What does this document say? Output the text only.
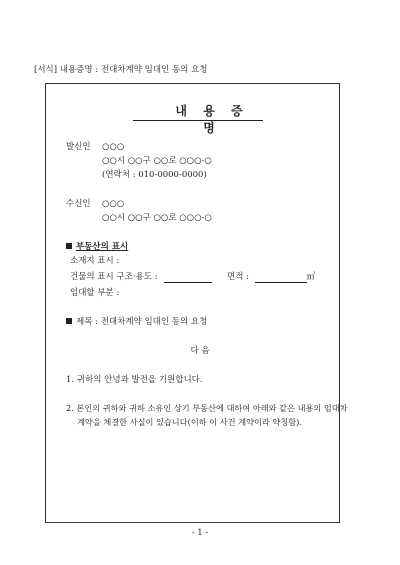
[서식] 내용증명 : 전대차계약 임대인 동의 요청
내 용 증 명
발신인 ○○○
○○시 ○○구 ○○로 ○○○-○
(연락처 : 010-0000-0000)
수신인 ○○○
○○시 ○○구 ○○로 ○○○-○
부동산의 표시
소재지 표시 :
건물의 표시 구조·용도 :	면적 :	㎡
임대할 부분 :
제목 : 전대차계약 임대인 동의 요청
다 음
1. 귀하의 안녕과 발전을 기원합니다.
2. 본인의 귀하와 귀하 소유인 상기 부동산에 대하여 아래와 같은 내용의 임대차
계약을 체결한 사실이 있습니다(이하 이 사건 계약이라 약칭함).
- 1 -
